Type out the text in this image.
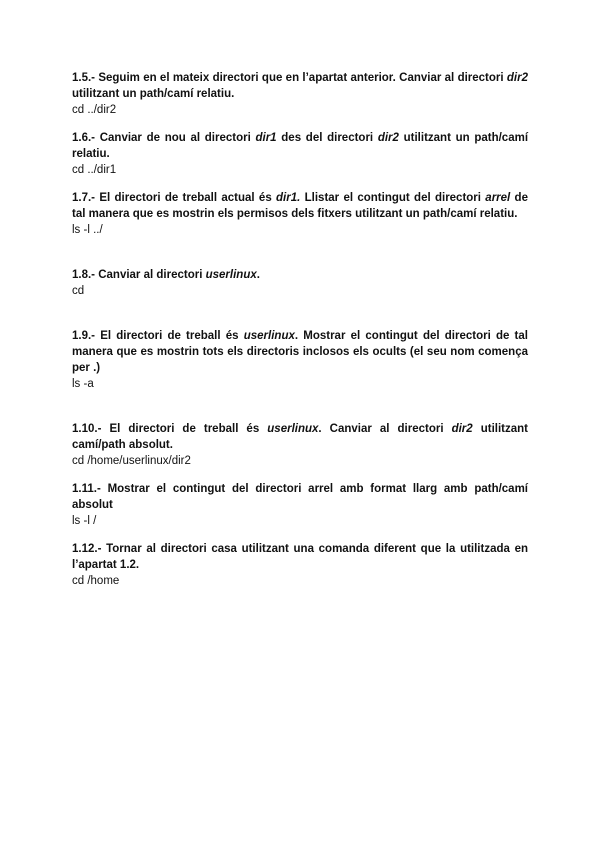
1.5.- Seguim en el mateix directori que en l’apartat anterior. Canviar al directori dir2 utilitzant un path/camí relatiu.

cd ../dir2

1.6.- Canviar de nou al directori dir1 des del directori dir2 utilitzant un path/camí relatiu.

cd ../dir1

1.7.- El directori de treball actual és dir1. Llistar el contingut del directori arrel de tal manera que es mostrin els permisos dels fitxers utilitzant un path/camí relatiu.

ls -l ../

1.8.- Canviar al directori userlinux.

cd

1.9.- El directori de treball és userlinux. Mostrar el contingut del directori de tal manera que es mostrin tots els directoris inclosos els ocults (el seu nom comença per .)

ls -a

1.10.- El directori de treball és userlinux. Canviar al directori dir2 utilitzant camí/path absolut.

cd /home/userlinux/dir2

1.11.- Mostrar el contingut del directori arrel amb format llarg amb path/camí absolut

ls -l /

1.12.- Tornar al directori casa utilitzant una comanda diferent que la utilitzada en l’apartat 1.2.

cd /home
